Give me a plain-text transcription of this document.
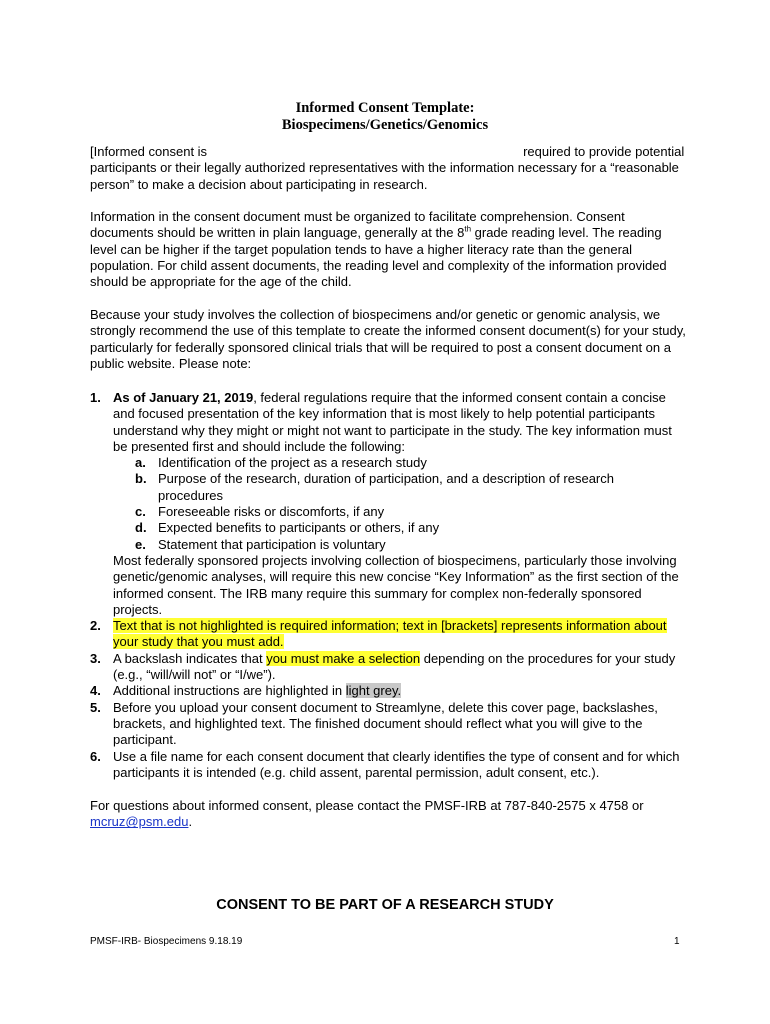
Informed Consent Template:
Biospecimens/Genetics/Genomics

[Informed consent is	required to provide potential participants or their legally authorized representatives with the information necessary for a “reasonable person” to make a decision about participating in research.

Information in the consent document must be organized to facilitate comprehension. Consent documents should be written in plain language, generally at the 8th grade reading level. The reading level can be higher if the target population tends to have a higher literacy rate than the general population. For child assent documents, the reading level and complexity of the information provided should be appropriate for the age of the child.

Because your study involves the collection of biospecimens and/or genetic or genomic analysis, we strongly recommend the use of this template to create the informed consent document(s) for your study, particularly for federally sponsored clinical trials that will be required to post a consent document on a public website. Please note:

1. As of January 21, 2019, federal regulations require that the informed consent contain a concise and focused presentation of the key information that is most likely to help potential participants understand why they might or might not want to participate in the study. The key information must be presented first and should include the following:
a. Identification of the project as a research study
b. Purpose of the research, duration of participation, and a description of research procedures
c. Foreseeable risks or discomforts, if any
d. Expected benefits to participants or others, if any
e. Statement that participation is voluntary
Most federally sponsored projects involving collection of biospecimens, particularly those involving genetic/genomic analyses, will require this new concise “Key Information” as the first section of the informed consent. The IRB many require this summary for complex non-federally sponsored projects.
2. Text that is not highlighted is required information; text in [brackets] represents information about your study that you must add.
3. A backslash indicates that you must make a selection depending on the procedures for your study (e.g., “will/will not” or “I/we”).
4. Additional instructions are highlighted in light grey.
5. Before you upload your consent document to Streamlyne, delete this cover page, backslashes, brackets, and highlighted text. The finished document should reflect what you will give to the participant.
6. Use a file name for each consent document that clearly identifies the type of consent and for which participants it is intended (e.g. child assent, parental permission, adult consent, etc.).

For questions about informed consent, please contact the PMSF-IRB at 787-840-2575 x 4758 or mcruz@psm.edu.

CONSENT TO BE PART OF A RESEARCH STUDY
PMSF-IRB- Biospecimens 9.18.19	1
